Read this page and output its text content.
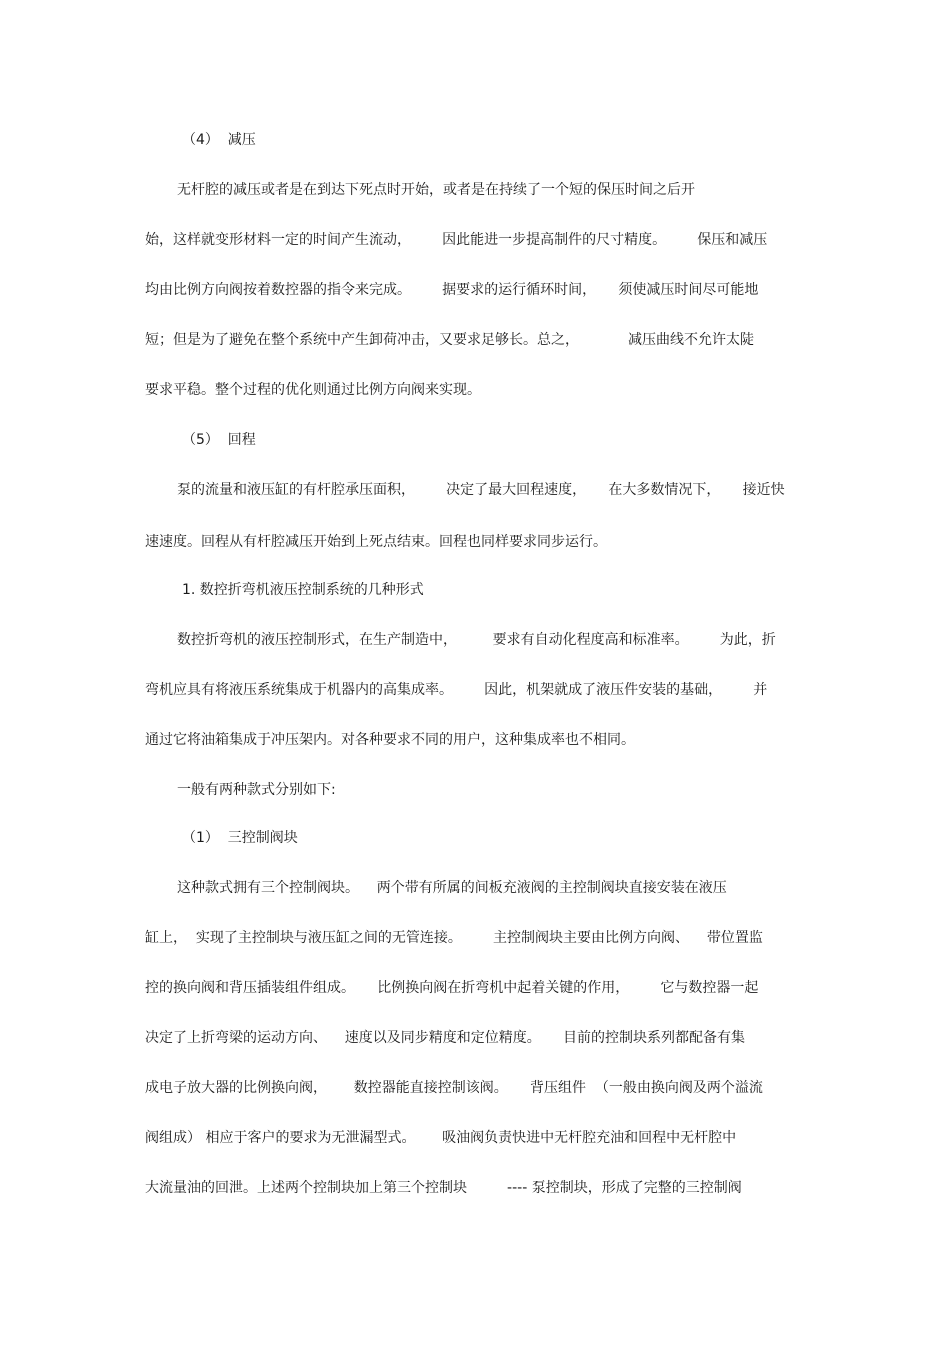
（4）  减压
无杆腔的减压或者是在到达下死点时开始，或者是在持续了一个短的保压时间之后开
始，这样就变形材料一定的时间产生流动，       因此能进一步提高制件的尺寸精度。       保压和减压
均由比例方向阀按着数控器的指令来完成。       据要求的运行循环时间，     须使减压时间尽可能地
短；但是为了避免在整个系统中产生卸荷冲击，又要求足够长。总之，           减压曲线不允许太陡
要求平稳。整个过程的优化则通过比例方向阀来实现。
（5）  回程
泵的流量和液压缸的有杆腔承压面积，       决定了最大回程速度，     在大多数情况下，     接近快
速速度。回程从有杆腔减压开始到上死点结束。回程也同样要求同步运行。
1. 数控折弯机液压控制系统的几种形式
数控折弯机的液压控制形式，在生产制造中，        要求有自动化程度高和标准率。       为此，折
弯机应具有将液压系统集成于机器内的高集成率。       因此，机架就成了液压件安装的基础，       并
通过它将油箱集成于冲压架内。对各种要求不同的用户，这种集成率也不相同。
一般有两种款式分别如下:
（1）  三控制阀块
这种款式拥有三个控制阀块。    两个带有所属的间板充液阀的主控制阀块直接安装在液压
缸上，  实现了主控制块与液压缸之间的无管连接。       主控制阀块主要由比例方向阀、    带位置监
控的换向阀和背压插装组件组成。     比例换向阀在折弯机中起着关键的作用，       它与数控器一起
决定了上折弯梁的运动方向、    速度以及同步精度和定位精度。     目前的控制块系列都配备有集
成电子放大器的比例换向阀，      数控器能直接控制该阀。     背压组件  （一般由换向阀及两个溢流
阀组成） 相应于客户的要求为无泄漏型式。      吸油阀负责快进中无杆腔充油和回程中无杆腔中
大流量油的回泄。上述两个控制块加上第三个控制块         ---- 泵控制块，形成了完整的三控制阀
